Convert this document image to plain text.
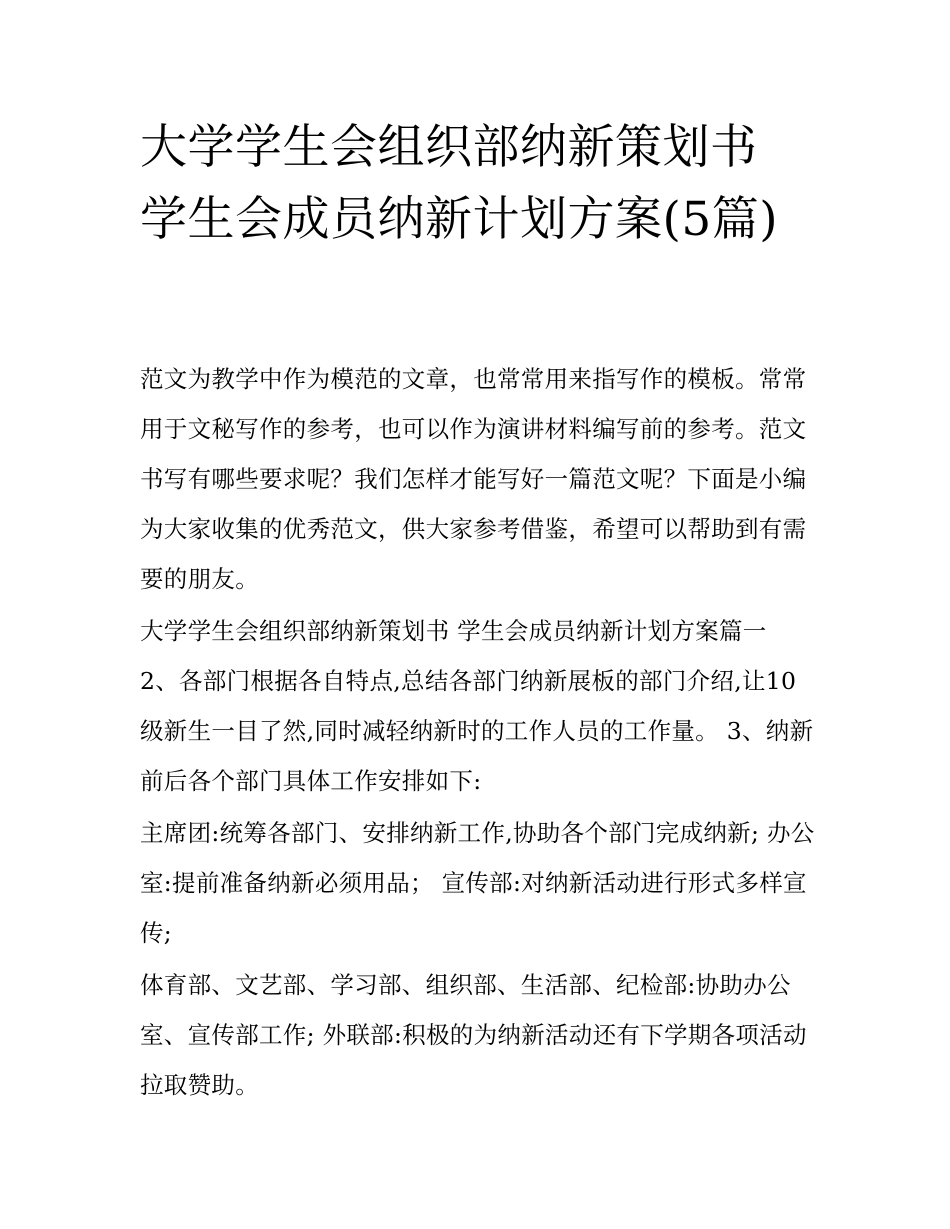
大学学生会组织部纳新策划书 学生会成员纳新计划方案(5篇)

范文为教学中作为模范的文章，也常常用来指写作的模板。常常用于文秘写作的参考，也可以作为演讲材料编写前的参考。范文书写有哪些要求呢？我们怎样才能写好一篇范文呢？下面是小编为大家收集的优秀范文，供大家参考借鉴，希望可以帮助到有需要的朋友。

大学学生会组织部纳新策划书 学生会成员纳新计划方案篇一

2、各部门根据各自特点,总结各部门纳新展板的部门介绍,让10级新生一目了然,同时减轻纳新时的工作人员的工作量。 3、纳新前后各个部门具体工作安排如下:

主席团:统筹各部门、安排纳新工作,协助各个部门完成纳新; 办公室:提前准备纳新必须用品； 宣传部:对纳新活动进行形式多样宣传;

体育部、文艺部、学习部、组织部、生活部、纪检部:协助办公室、宣传部工作; 外联部:积极的为纳新活动还有下学期各项活动拉取赞助。
